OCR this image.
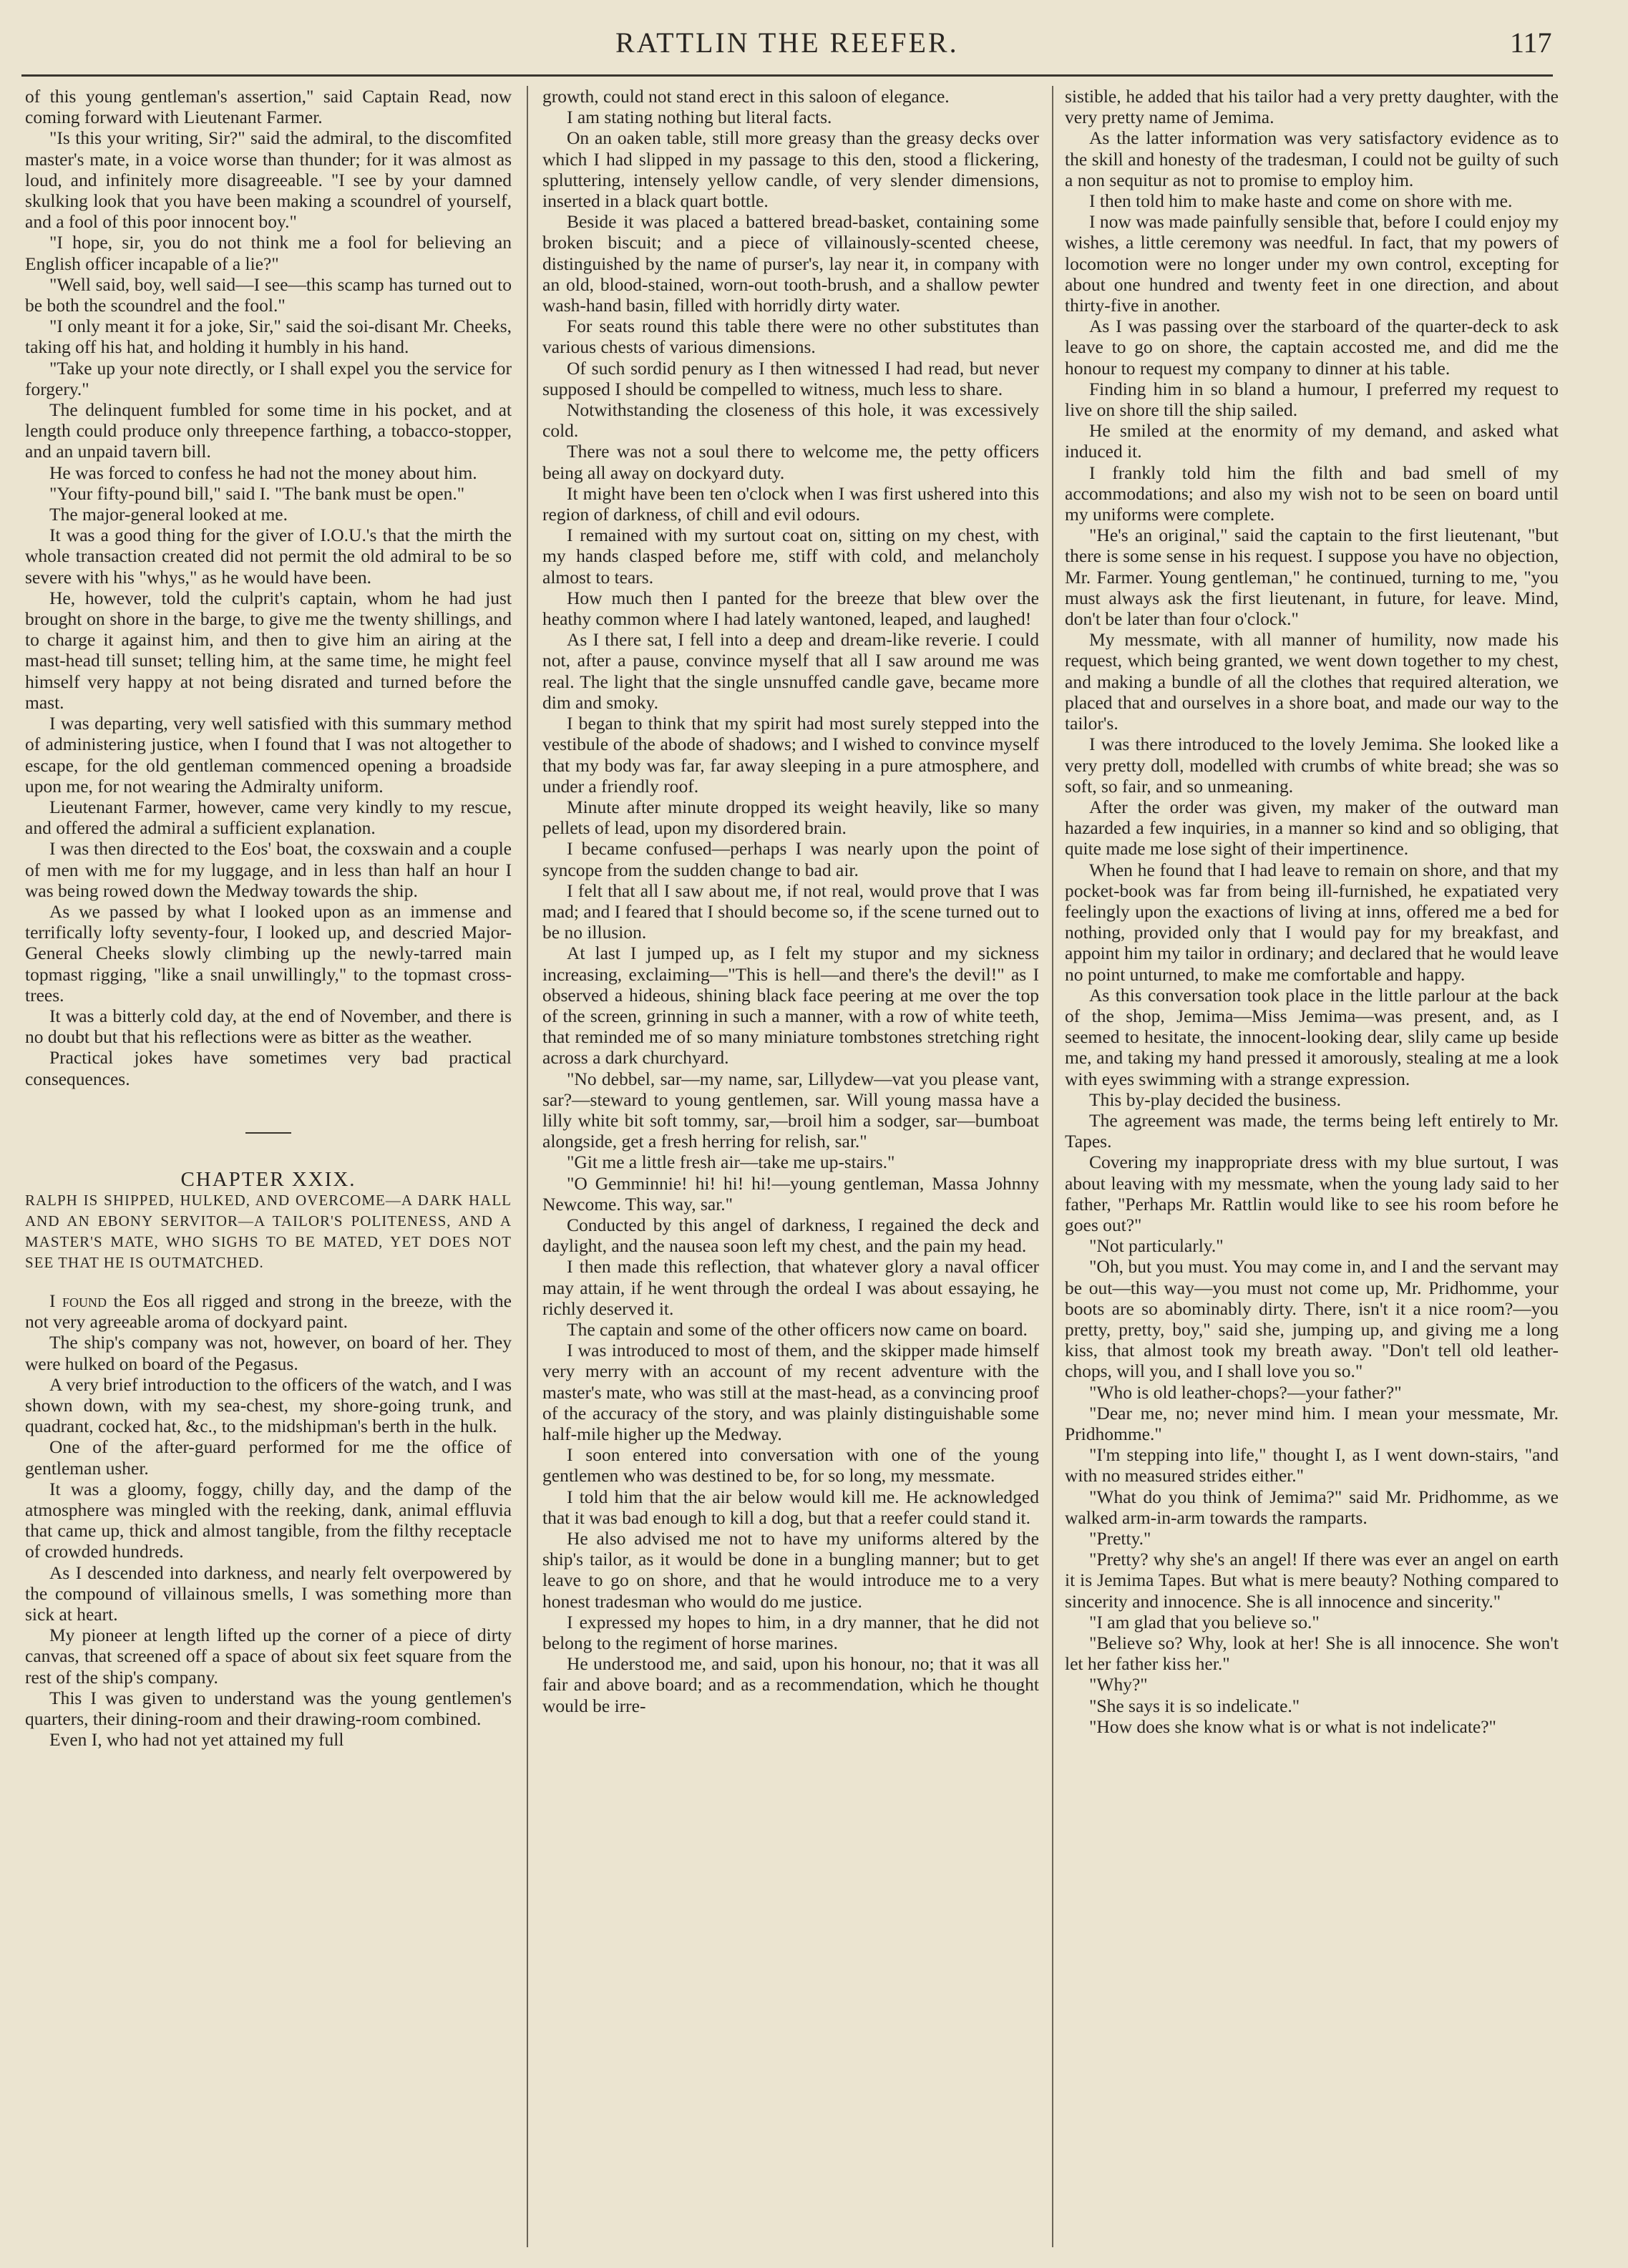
RATTLIN THE REEFER.	117

of this young gentleman's assertion," said Captain Read, now coming forward with Lieutenant Farmer.

"Is this your writing, Sir?" said the admiral, to the discomfited master's mate, in a voice worse than thunder; for it was almost as loud, and infinitely more disagreeable. "I see by your damned skulking look that you have been making a scoundrel of yourself, and a fool of this poor innocent boy."

"I hope, sir, you do not think me a fool for believing an English officer incapable of a lie?"

"Well said, boy, well said—I see—this scamp has turned out to be both the scoundrel and the fool."

"I only meant it for a joke, Sir," said the soi-disant Mr. Cheeks, taking off his hat, and holding it humbly in his hand.

"Take up your note directly, or I shall expel you the service for forgery."

The delinquent fumbled for some time in his pocket, and at length could produce only threepence farthing, a tobacco-stopper, and an unpaid tavern bill.

He was forced to confess he had not the money about him.

"Your fifty-pound bill," said I. "The bank must be open."

The major-general looked at me.

It was a good thing for the giver of I.O.U.'s that the mirth the whole transaction created did not permit the old admiral to be so severe with his "whys," as he would have been.

He, however, told the culprit's captain, whom he had just brought on shore in the barge, to give me the twenty shillings, and to charge it against him, and then to give him an airing at the mast-head till sunset; telling him, at the same time, he might feel himself very happy at not being disrated and turned before the mast.

I was departing, very well satisfied with this summary method of administering justice, when I found that I was not altogether to escape, for the old gentleman commenced opening a broadside upon me, for not wearing the Admiralty uniform.

Lieutenant Farmer, however, came very kindly to my rescue, and offered the admiral a sufficient explanation.

I was then directed to the Eos' boat, the coxswain and a couple of men with me for my luggage, and in less than half an hour I was being rowed down the Medway towards the ship.

As we passed by what I looked upon as an immense and terrifically lofty seventy-four, I looked up, and descried Major-General Cheeks slowly climbing up the newly-tarred main topmast rigging, "like a snail unwillingly," to the topmast cross-trees.

It was a bitterly cold day, at the end of November, and there is no doubt but that his reflections were as bitter as the weather.

Practical jokes have sometimes very bad practical consequences.

CHAPTER XXIX.

RALPH IS SHIPPED, HULKED, AND OVERCOME—A DARK HALL AND AN EBONY SERVITOR—A TAILOR'S POLITENESS, AND A MASTER'S MATE, WHO SIGHS TO BE MATED, YET DOES NOT SEE THAT HE IS OUTMATCHED.

I found the Eos all rigged and strong in the breeze, with the not very agreeable aroma of dockyard paint.

The ship's company was not, however, on board of her. They were hulked on board of the Pegasus.

A very brief introduction to the officers of the watch, and I was shown down, with my sea-chest, my shore-going trunk, and quadrant, cocked hat, &c., to the midshipman's berth in the hulk.

One of the after-guard performed for me the office of gentleman usher.

It was a gloomy, foggy, chilly day, and the damp of the atmosphere was mingled with the reeking, dank, animal effluvia that came up, thick and almost tangible, from the filthy receptacle of crowded hundreds.

As I descended into darkness, and nearly felt overpowered by the compound of villainous smells, I was something more than sick at heart.

My pioneer at length lifted up the corner of a piece of dirty canvas, that screened off a space of about six feet square from the rest of the ship's company.

This I was given to understand was the young gentlemen's quarters, their dining-room and their drawing-room combined.

Even I, who had not yet attained my full

growth, could not stand erect in this saloon of elegance.

I am stating nothing but literal facts.

On an oaken table, still more greasy than the greasy decks over which I had slipped in my passage to this den, stood a flickering, spluttering, intensely yellow candle, of very slender dimensions, inserted in a black quart bottle.

Beside it was placed a battered bread-basket, containing some broken biscuit; and a piece of villainously-scented cheese, distinguished by the name of purser's, lay near it, in company with an old, blood-stained, worn-out tooth-brush, and a shallow pewter wash-hand basin, filled with horridly dirty water.

For seats round this table there were no other substitutes than various chests of various dimensions.

Of such sordid penury as I then witnessed I had read, but never supposed I should be compelled to witness, much less to share.

Notwithstanding the closeness of this hole, it was excessively cold.

There was not a soul there to welcome me, the petty officers being all away on dockyard duty.

It might have been ten o'clock when I was first ushered into this region of darkness, of chill and evil odours.

I remained with my surtout coat on, sitting on my chest, with my hands clasped before me, stiff with cold, and melancholy almost to tears.

How much then I panted for the breeze that blew over the heathy common where I had lately wantoned, leaped, and laughed!

As I there sat, I fell into a deep and dream-like reverie. I could not, after a pause, convince myself that all I saw around me was real. The light that the single unsnuffed candle gave, became more dim and smoky.

I began to think that my spirit had most surely stepped into the vestibule of the abode of shadows; and I wished to convince myself that my body was far, far away sleeping in a pure atmosphere, and under a friendly roof.

Minute after minute dropped its weight heavily, like so many pellets of lead, upon my disordered brain.

I became confused—perhaps I was nearly upon the point of syncope from the sudden change to bad air.

I felt that all I saw about me, if not real, would prove that I was mad; and I feared that I should become so, if the scene turned out to be no illusion.

At last I jumped up, as I felt my stupor and my sickness increasing, exclaiming—"This is hell—and there's the devil!" as I observed a hideous, shining black face peering at me over the top of the screen, grinning in such a manner, with a row of white teeth, that reminded me of so many miniature tombstones stretching right across a dark churchyard.

"No debbel, sar—my name, sar, Lillydew—vat you please vant, sar?—steward to young gentlemen, sar. Will young massa have a lilly white bit soft tommy, sar,—broil him a sodger, sar—bumboat alongside, get a fresh herring for relish, sar."

"Git me a little fresh air—take me up-stairs."

"O Gemminnie! hi! hi! hi!—young gentleman, Massa Johnny Newcome. This way, sar."

Conducted by this angel of darkness, I regained the deck and daylight, and the nausea soon left my chest, and the pain my head.

I then made this reflection, that whatever glory a naval officer may attain, if he went through the ordeal I was about essaying, he richly deserved it.

The captain and some of the other officers now came on board.

I was introduced to most of them, and the skipper made himself very merry with an account of my recent adventure with the master's mate, who was still at the mast-head, as a convincing proof of the accuracy of the story, and was plainly distinguishable some half-mile higher up the Medway.

I soon entered into conversation with one of the young gentlemen who was destined to be, for so long, my messmate.

I told him that the air below would kill me. He acknowledged that it was bad enough to kill a dog, but that a reefer could stand it.

He also advised me not to have my uniforms altered by the ship's tailor, as it would be done in a bungling manner; but to get leave to go on shore, and that he would introduce me to a very honest tradesman who would do me justice.

I expressed my hopes to him, in a dry manner, that he did not belong to the regiment of horse marines.

He understood me, and said, upon his honour, no; that it was all fair and above board; and as a recommendation, which he thought would be irre-

sistible, he added that his tailor had a very pretty daughter, with the very pretty name of Jemima.

As the latter information was very satisfactory evidence as to the skill and honesty of the tradesman, I could not be guilty of such a non sequitur as not to promise to employ him.

I then told him to make haste and come on shore with me.

I now was made painfully sensible that, before I could enjoy my wishes, a little ceremony was needful. In fact, that my powers of locomotion were no longer under my own control, excepting for about one hundred and twenty feet in one direction, and about thirty-five in another.

As I was passing over the starboard of the quarter-deck to ask leave to go on shore, the captain accosted me, and did me the honour to request my company to dinner at his table.

Finding him in so bland a humour, I preferred my request to live on shore till the ship sailed.

He smiled at the enormity of my demand, and asked what induced it.

I frankly told him the filth and bad smell of my accommodations; and also my wish not to be seen on board until my uniforms were complete.

"He's an original," said the captain to the first lieutenant, "but there is some sense in his request. I suppose you have no objection, Mr. Farmer. Young gentleman," he continued, turning to me, "you must always ask the first lieutenant, in future, for leave. Mind, don't be later than four o'clock."

My messmate, with all manner of humility, now made his request, which being granted, we went down together to my chest, and making a bundle of all the clothes that required alteration, we placed that and ourselves in a shore boat, and made our way to the tailor's.

I was there introduced to the lovely Jemima. She looked like a very pretty doll, modelled with crumbs of white bread; she was so soft, so fair, and so unmeaning.

After the order was given, my maker of the outward man hazarded a few inquiries, in a manner so kind and so obliging, that quite made me lose sight of their impertinence.

When he found that I had leave to remain on shore, and that my pocket-book was far from being ill-furnished, he expatiated very feelingly upon the exactions of living at inns, offered me a bed for nothing, provided only that I would pay for my breakfast, and appoint him my tailor in ordinary; and declared that he would leave no point unturned, to make me comfortable and happy.

As this conversation took place in the little parlour at the back of the shop, Jemima—Miss Jemima—was present, and, as I seemed to hesitate, the innocent-looking dear, slily came up beside me, and taking my hand pressed it amorously, stealing at me a look with eyes swimming with a strange expression.

This by-play decided the business.

The agreement was made, the terms being left entirely to Mr. Tapes.

Covering my inappropriate dress with my blue surtout, I was about leaving with my messmate, when the young lady said to her father, "Perhaps Mr. Rattlin would like to see his room before he goes out?"

"Not particularly."

"Oh, but you must. You may come in, and I and the servant may be out—this way—you must not come up, Mr. Pridhomme, your boots are so abominably dirty. There, isn't it a nice room?—you pretty, pretty, boy," said she, jumping up, and giving me a long kiss, that almost took my breath away. "Don't tell old leather-chops, will you, and I shall love you so."

"Who is old leather-chops?—your father?"

"Dear me, no; never mind him. I mean your messmate, Mr. Pridhomme."

"I'm stepping into life," thought I, as I went down-stairs, "and with no measured strides either."

"What do you think of Jemima?" said Mr. Pridhomme, as we walked arm-in-arm towards the ramparts.

"Pretty."

"Pretty? why she's an angel! If there was ever an angel on earth it is Jemima Tapes. But what is mere beauty? Nothing compared to sincerity and innocence. She is all innocence and sincerity."

"I am glad that you believe so."

"Believe so? Why, look at her! She is all innocence. She won't let her father kiss her."

"Why?"

"She says it is so indelicate."

"How does she know what is or what is not indelicate?"
